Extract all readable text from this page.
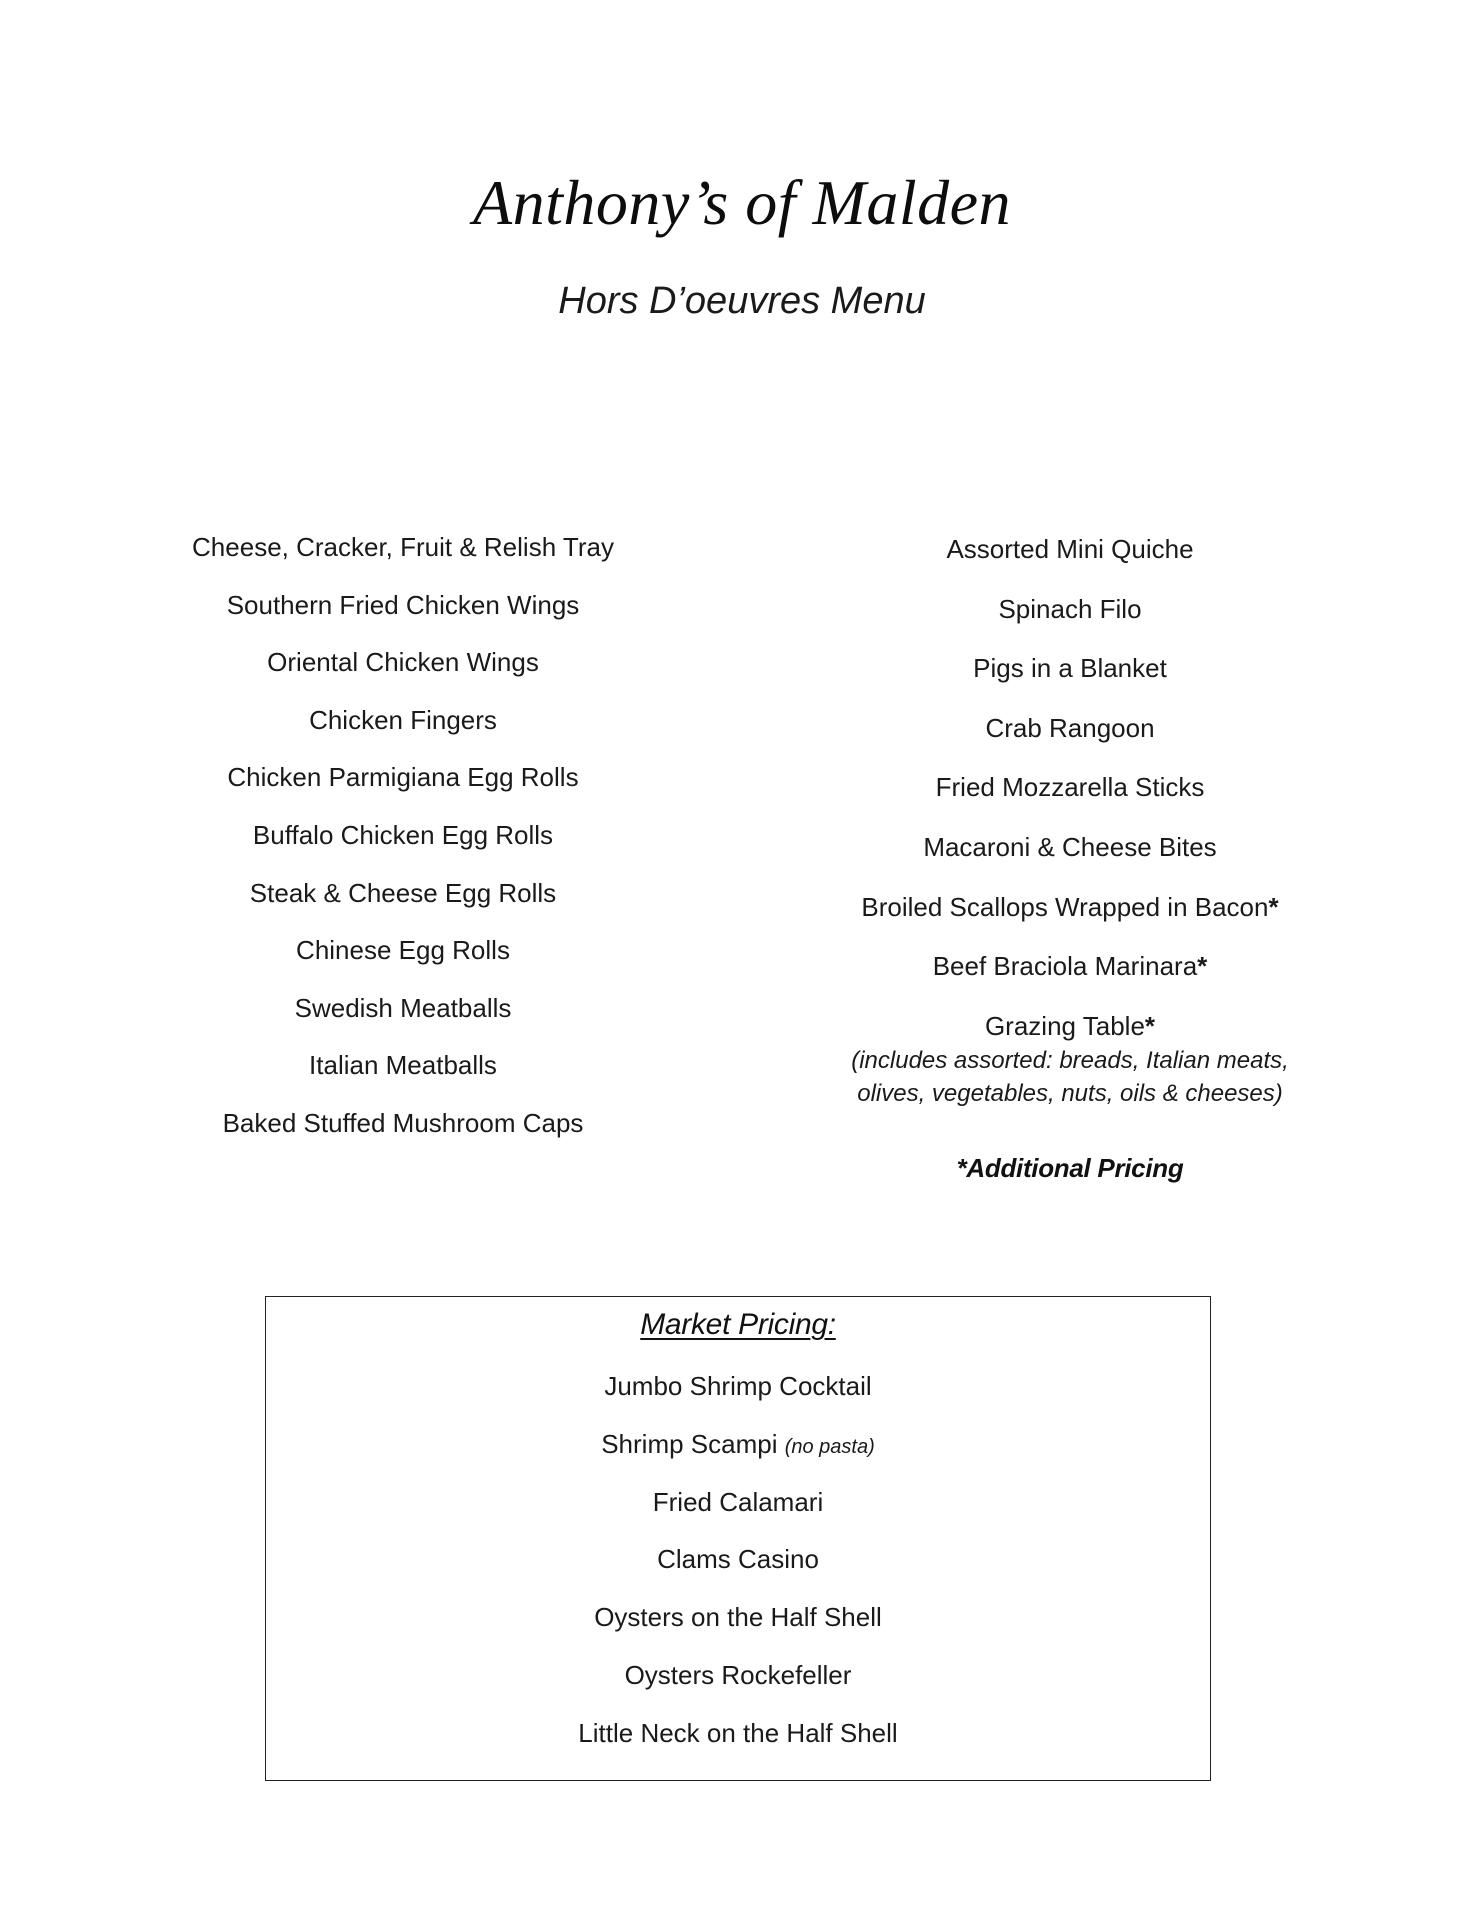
Anthony’s of Malden
Hors D’oeuvres Menu
Cheese, Cracker, Fruit & Relish Tray
Southern Fried Chicken Wings
Oriental Chicken Wings
Chicken Fingers
Chicken Parmigiana Egg Rolls
Buffalo Chicken Egg Rolls
Steak & Cheese Egg Rolls
Chinese Egg Rolls
Swedish Meatballs
Italian Meatballs
Baked Stuffed Mushroom Caps
Assorted Mini Quiche
Spinach Filo
Pigs in a Blanket
Crab Rangoon
Fried Mozzarella Sticks
Macaroni & Cheese Bites
Broiled Scallops Wrapped in Bacon*
Beef Braciola Marinara*
Grazing Table*
(includes assorted: breads, Italian meats,
olives, vegetables, nuts, oils & cheeses)
*Additional Pricing
Market Pricing:
Jumbo Shrimp Cocktail
Shrimp Scampi (no pasta)
Fried Calamari
Clams Casino
Oysters on the Half Shell
Oysters Rockefeller
Little Neck on the Half Shell
